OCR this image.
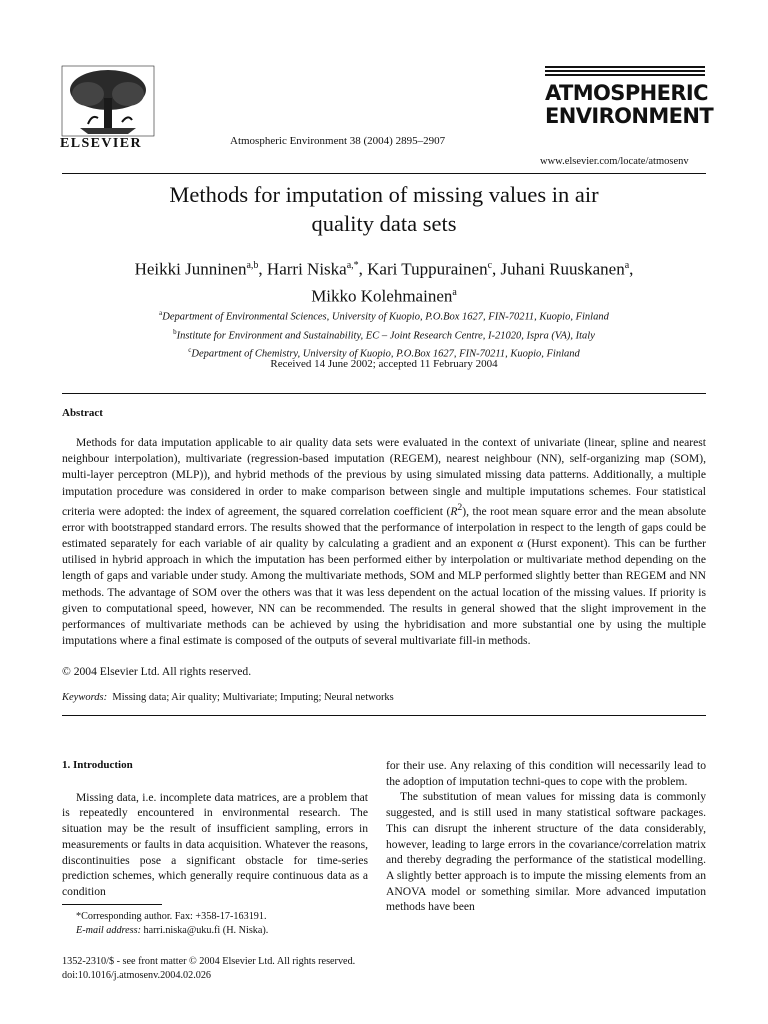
ELSEVIER	Atmospheric Environment 38 (2004) 2895–2907
ATMOSPHERIC
ENVIRONMENT
www.elsevier.com/locate/atmosenv
Methods for imputation of missing values in air
quality data sets
Heikki Junninen$^{a,b}$, Harri Niska$^{a,*}$, Kari Tuppurainen$^c$, Juhani Ruuskanen$^a$,
Mikko Kolehmainen$^a$
$^a$Department of Environmental Sciences, University of Kuopio, P.O.Box 1627, FIN-70211, Kuopio, Finland
$^b$Institute for Environment and Sustainability, EC – Joint Research Centre, I-21020, Ispra (VA), Italy
$^c$Department of Chemistry, University of Kuopio, P.O.Box 1627, FIN-70211, Kuopio, Finland
Received 14 June 2002; accepted 11 February 2004
Abstract
Methods for data imputation applicable to air quality data sets were evaluated in the context of univariate (linear, spline and nearest neighbour interpolation), multivariate (regression-based imputation (REGEM), nearest neighbour (NN), self-organizing map (SOM), multi-layer perceptron (MLP)), and hybrid methods of the previous by using simulated missing data patterns. Additionally, a multiple imputation procedure was considered in order to make comparison between single and multiple imputations schemes. Four statistical criteria were adopted: the index of agreement, the squared correlation coefficient $(R^2)$, the root mean square error and the mean absolute error with bootstrapped standard errors. The results showed that the performance of interpolation in respect to the length of gaps could be estimated separately for each variable of air quality by calculating a gradient and an exponent α (Hurst exponent). This can be further utilised in hybrid approach in which the imputation has been performed either by interpolation or multivariate method depending on the length of gaps and variable under study. Among the multivariate methods, SOM and MLP performed slightly better than REGEM and NN methods. The advantage of SOM over the others was that it was less dependent on the actual location of the missing values. If priority is given to computational speed, however, NN can be recommended. The results in general showed that the slight improvement in the performances of multivariate methods can be achieved by using the hybridisation and more substantial one by using the multiple imputations where a final estimate is composed of the outputs of several multivariate fill-in methods.
© 2004 Elsevier Ltd. All rights reserved.
Keywords: Missing data; Air quality; Multivariate; Imputing; Neural networks
1. Introduction
Missing data, i.e. incomplete data matrices, are a problem that is repeatedly encountered in environmental research. The situation may be the result of insufficient sampling, errors in measurements or faults in data acquisition. Whatever the reasons, discontinuities pose a significant obstacle for time-series prediction schemes, which generally require continuous data as a condition
for their use. Any relaxing of this condition will necessarily lead to the adoption of imputation techni-ques to cope with the problem.
The substitution of mean values for missing data is commonly suggested, and is still used in many statistical software packages. This can disrupt the inherent structure of the data considerably, however, leading to large errors in the covariance/correlation matrix and thereby degrading the performance of the statistical modelling. A slightly better approach is to impute the missing elements from an ANOVA model or something similar. More advanced imputation methods have been
*Corresponding author. Fax: +358-17-163191.
E-mail address: harri.niska@uku.fi (H. Niska).
1352-2310/$ - see front matter © 2004 Elsevier Ltd. All rights reserved.
doi:10.1016/j.atmosenv.2004.02.026
